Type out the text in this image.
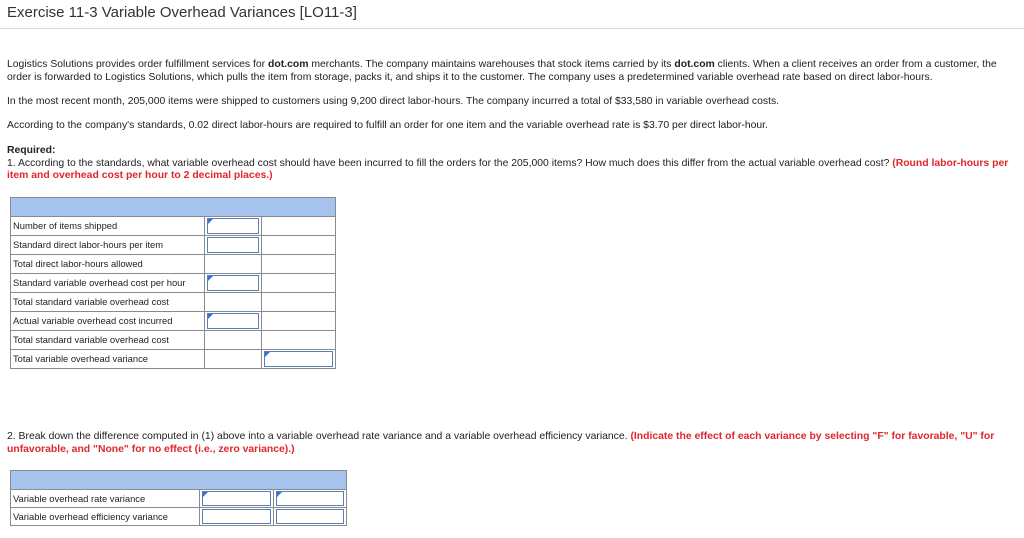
Exercise 11-3 Variable Overhead Variances [LO11-3]
Logistics Solutions provides order fulfillment services for dot.com merchants. The company maintains warehouses that stock items carried by its dot.com clients. When a client receives an order from a customer, the order is forwarded to Logistics Solutions, which pulls the item from storage, packs it, and ships it to the customer. The company uses a predetermined variable overhead rate based on direct labor-hours.
In the most recent month, 205,000 items were shipped to customers using 9,200 direct labor-hours. The company incurred a total of $33,580 in variable overhead costs.
According to the company's standards, 0.02 direct labor-hours are required to fulfill an order for one item and the variable overhead rate is $3.70 per direct labor-hour.
Required:
1. According to the standards, what variable overhead cost should have been incurred to fill the orders for the 205,000 items? How much does this differ from the actual variable overhead cost? (Round labor-hours per item and overhead cost per hour to 2 decimal places.)
Number of items shipped
Standard direct labor-hours per item
Total direct labor-hours allowed
Standard variable overhead cost per hour
Total standard variable overhead cost
Actual variable overhead cost incurred
Total standard variable overhead cost
Total variable overhead variance
2. Break down the difference computed in (1) above into a variable overhead rate variance and a variable overhead efficiency variance. (Indicate the effect of each variance by selecting "F" for favorable, "U" for unfavorable, and "None" for no effect (i.e., zero variance).)
Variable overhead rate variance
Variable overhead efficiency variance
